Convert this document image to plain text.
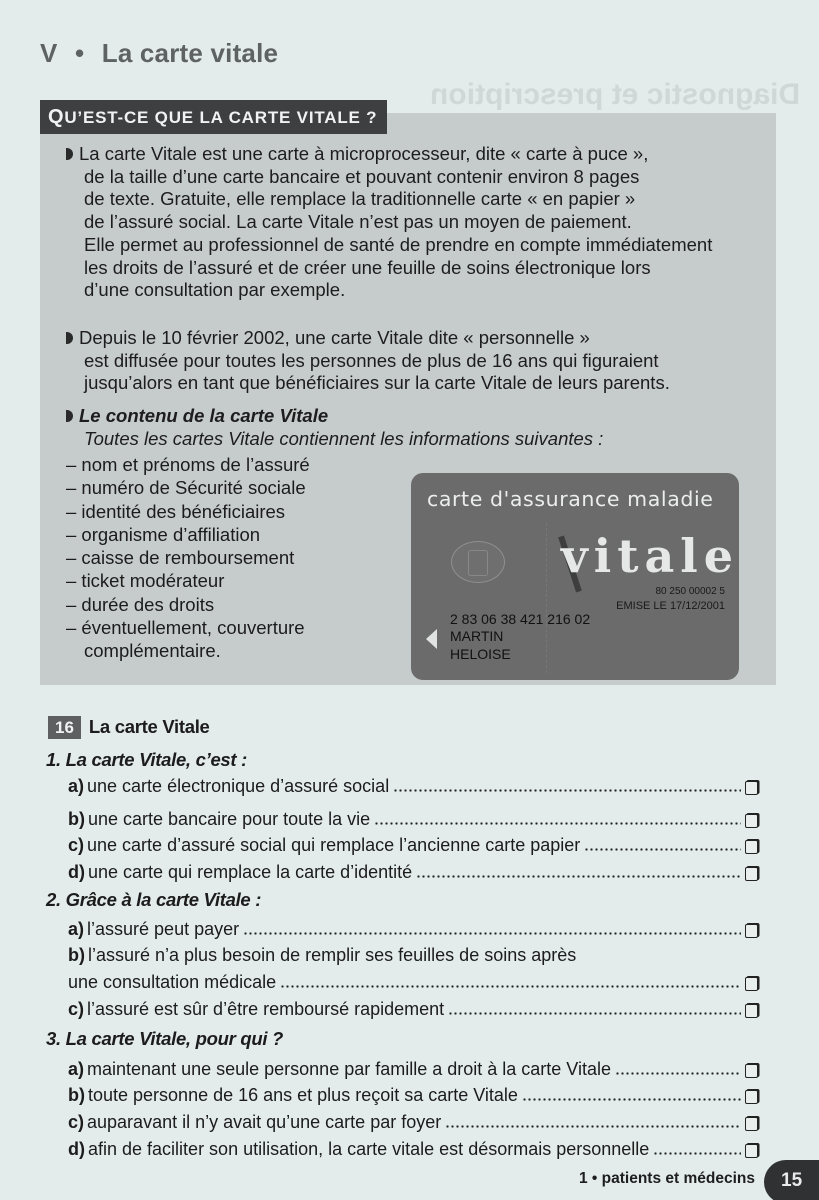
Diagnostic et prescription
V • La carte vitale
QU’EST-CE QUE LA CARTE VITALE ?
La carte Vitale est une carte à microprocesseur, dite « carte à puce »,
de la taille d’une carte bancaire et pouvant contenir environ 8 pages
de texte. Gratuite, elle remplace la traditionnelle carte « en papier »
de l’assuré social. La carte Vitale n’est pas un moyen de paiement.
Elle permet au professionnel de santé de prendre en compte immédiatement
les droits de l’assuré et de créer une feuille de soins électronique lors
d’une consultation par exemple.
Depuis le 10 février 2002, une carte Vitale dite « personnelle »
est diffusée pour toutes les personnes de plus de 16 ans qui figuraient
jusqu’alors en tant que bénéficiaires sur la carte Vitale de leurs parents.
Le contenu de la carte Vitale
Toutes les cartes Vitale contiennent les informations suivantes :
– nom et prénoms de l’assuré
– numéro de Sécurité sociale
– identité des bénéficiaires
– organisme d’affiliation
– caisse de remboursement
– ticket modérateur
– durée des droits
– éventuellement, couverture
complémentaire.
carte d'assurance maladie
vitale
80 250 00002 5
EMISE LE 17/12/2001
2 83 06 38 421 216 02
MARTIN
HELOISE
16 La carte Vitale
1. La carte Vitale, c’est :
a) une carte électronique d’assuré social
b) une carte bancaire pour toute la vie
c) une carte d’assuré social qui remplace l’ancienne carte papier
d) une carte qui remplace la carte d’identité
2. Grâce à la carte Vitale :
a) l’assuré peut payer
b) l’assuré n’a plus besoin de remplir ses feuilles de soins après
une consultation médicale
c) l’assuré est sûr d’être remboursé rapidement
3. La carte Vitale, pour qui ?
a) maintenant une seule personne par famille a droit à la carte Vitale
b) toute personne de 16 ans et plus reçoit sa carte Vitale
c) auparavant il n’y avait qu’une carte par foyer
d) afin de faciliter son utilisation, la carte vitale est désormais personnelle
1 • patients et médecins	15
